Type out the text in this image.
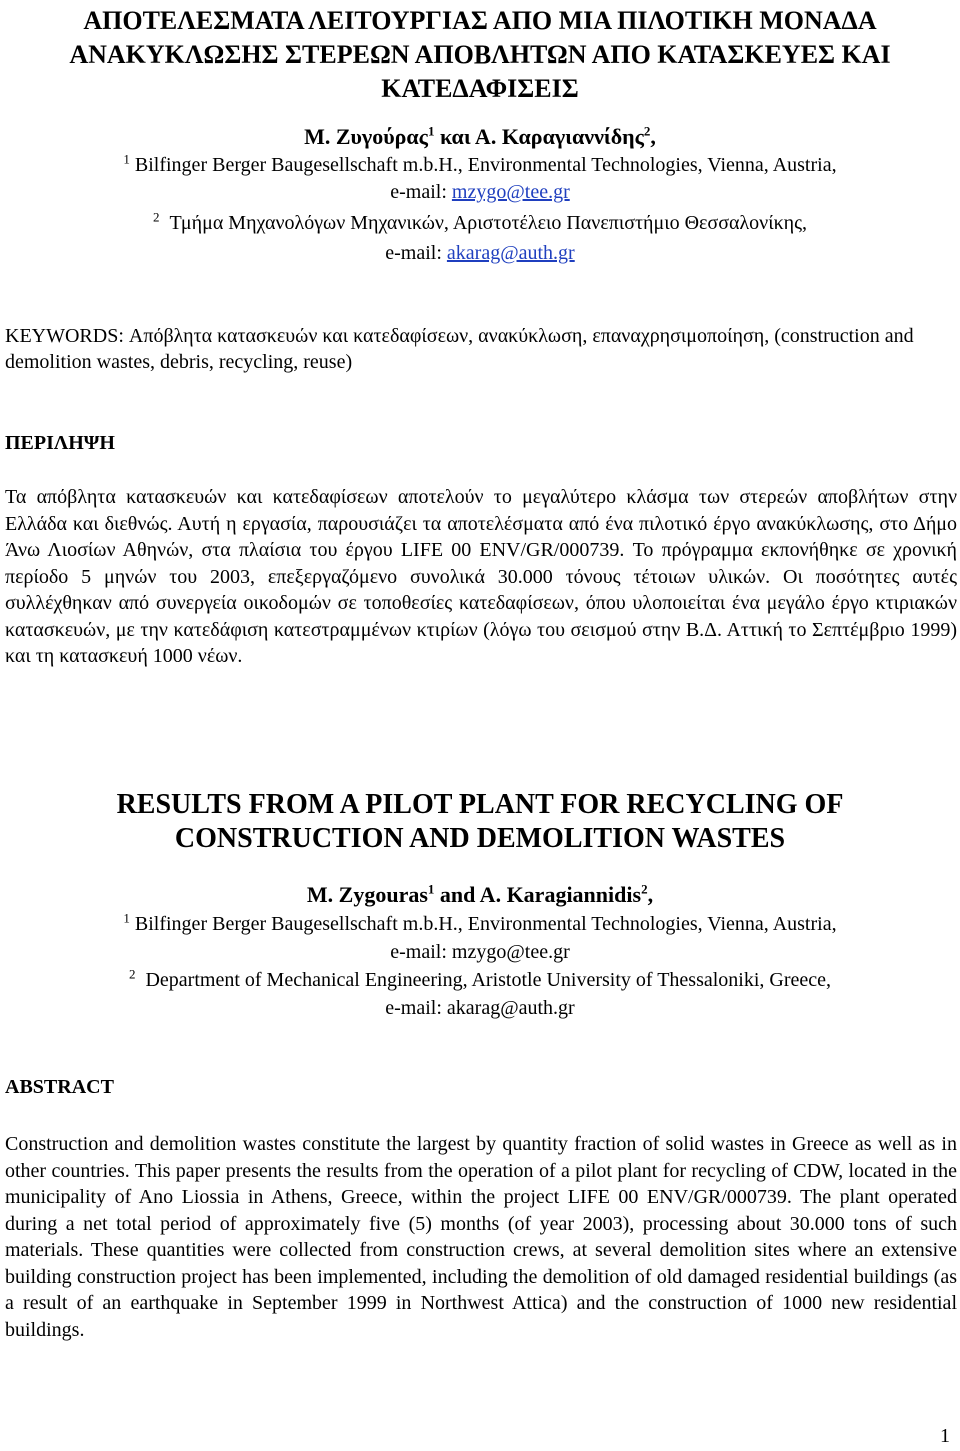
ΑΠΟΤΕΛΕΣΜΑΤΑ ΛΕΙΤΟΥΡΓΙΑΣ ΑΠΟ ΜΙΑ ΠΙΛΟΤΙΚΗ ΜΟΝΑΔΑ ΑΝΑΚΥΚΛΩΣΗΣ ΣΤΕΡΕΩΝ ΑΠΟΒΛΗΤΩΝ ΑΠΟ ΚΑΤΑΣΚΕΥΕΣ ΚΑΙ ΚΑΤΕΔΑΦΙΣΕΙΣ
Μ. Ζυγούρας$^1$ και Α. Καραγιαννίδης$^2$,
$^1$ Bilfinger Berger Baugesellschaft m.b.H., Environmental Technologies, Vienna, Austria,
e-mail: mzygo@tee.gr
$^2$ Τμήμα Μηχανολόγων Μηχανικών, Αριστοτέλειο Πανεπιστήμιο Θεσσαλονίκης,
e-mail: akarag@auth.gr
KEYWORDS: Απόβλητα κατασκευών και κατεδαφίσεων, ανακύκλωση, επαναχρησιμοποίηση, (construction and demolition wastes, debris, recycling, reuse)
ΠΕΡΙΛΗΨΗ
Τα απόβλητα κατασκευών και κατεδαφίσεων αποτελούν το μεγαλύτερο κλάσμα των στερεών αποβλήτων στην Ελλάδα και διεθνώς. Αυτή η εργασία, παρουσιάζει τα αποτελέσματα από ένα πιλοτικό έργο ανακύκλωσης, στο Δήμο Άνω Λιοσίων Αθηνών, στα πλαίσια του έργου LIFE 00 ENV/GR/000739. Το πρόγραμμα εκπονήθηκε σε χρονική περίοδο 5 μηνών του 2003, επεξεργαζόμενο συνολικά 30.000 τόνους τέτοιων υλικών. Οι ποσότητες αυτές συλλέχθηκαν από συνεργεία οικοδομών σε τοποθεσίες κατεδαφίσεων, όπου υλοποιείται ένα μεγάλο έργο κτιριακών κατασκευών, με την κατεδάφιση κατεστραμμένων κτιρίων (λόγω του σεισμού στην Β.Δ. Αττική το Σεπτέμβριο 1999) και τη κατασκευή 1000 νέων.
RESULTS FROM A PILOT PLANT FOR RECYCLING OF CONSTRUCTION AND DEMOLITION WASTES
M. Zygouras$^1$ and A. Karagiannidis$^2$,
$^1$ Bilfinger Berger Baugesellschaft m.b.H., Environmental Technologies, Vienna, Austria,
e-mail: mzygo@tee.gr
$^2$ Department of Mechanical Engineering, Aristotle University of Thessaloniki, Greece,
e-mail: akarag@auth.gr
ABSTRACT
Construction and demolition wastes constitute the largest by quantity fraction of solid wastes in Greece as well as in other countries. This paper presents the results from the operation of a pilot plant for recycling of CDW, located in the municipality of Ano Liossia in Athens, Greece, within the project LIFE 00 ENV/GR/000739. The plant operated during a net total period of approximately five (5) months (of year 2003), processing about 30.000 tons of such materials. These quantities were collected from construction crews, at several demolition sites where an extensive building construction project has been implemented, including the demolition of old damaged residential buildings (as a result of an earthquake in September 1999 in Northwest Attica) and the construction of 1000 new residential buildings.
1
